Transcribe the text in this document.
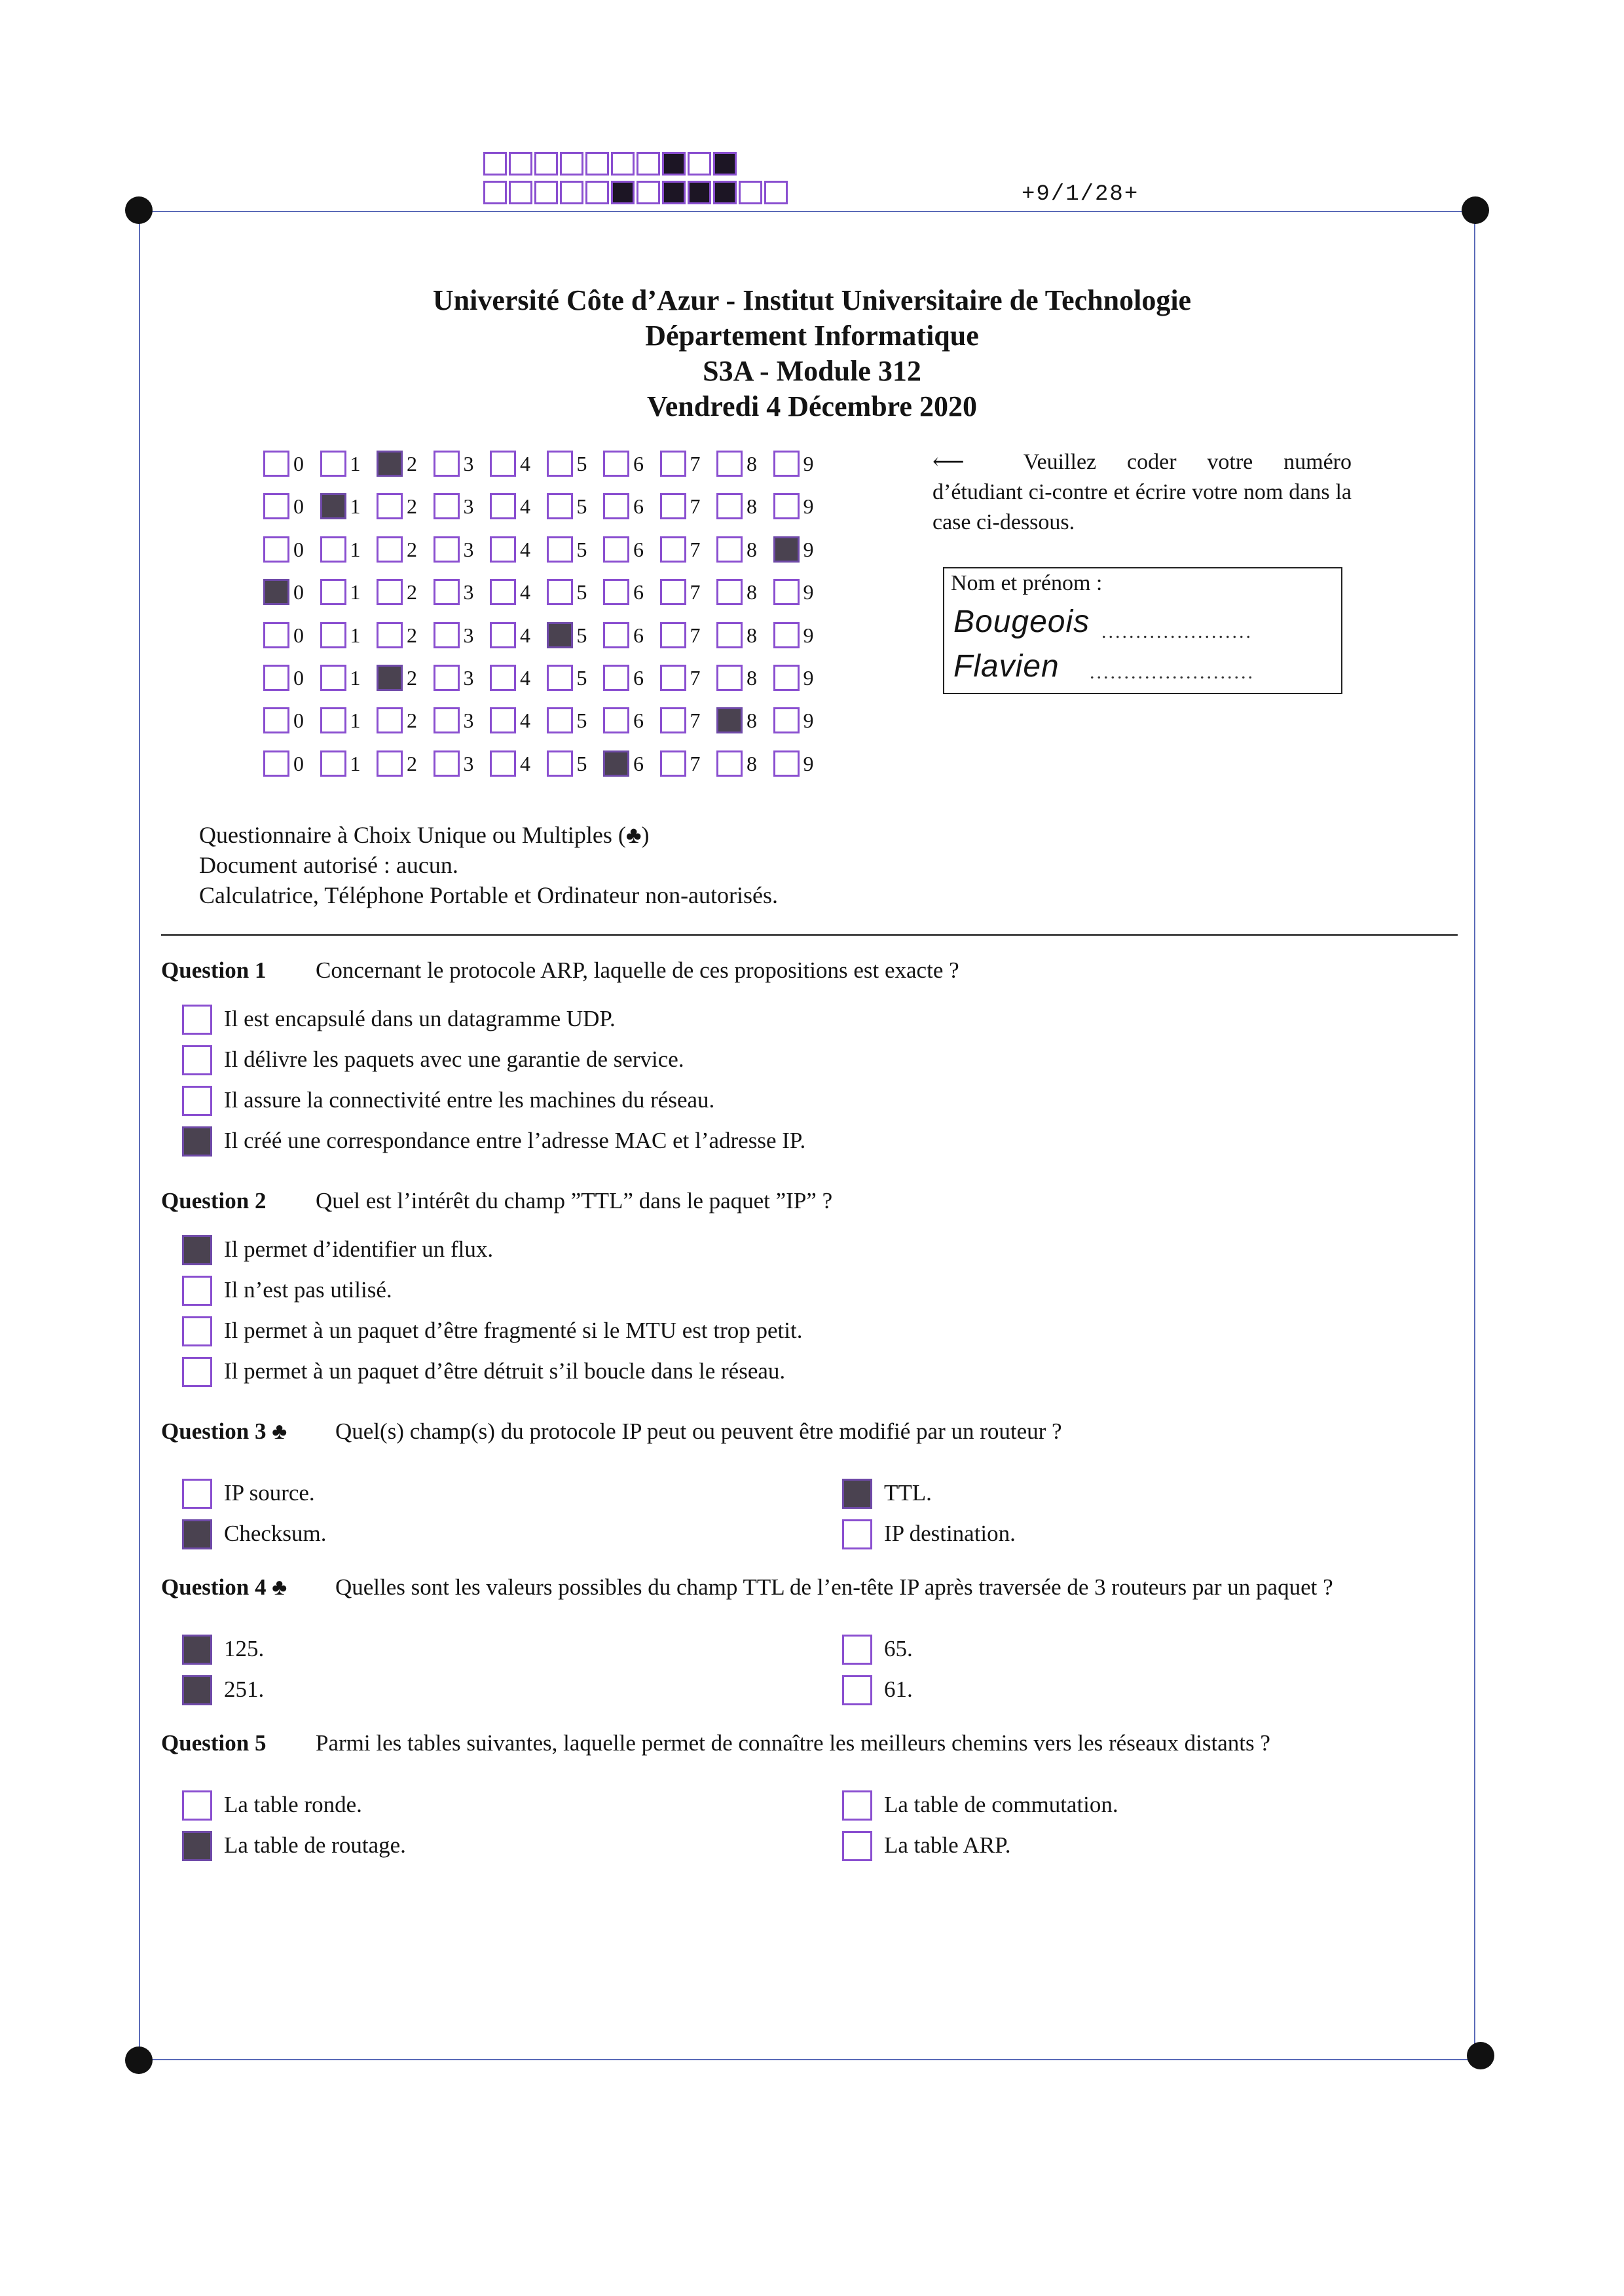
+9/1/28+
Université Côte d’Azur - Institut Universitaire de Technologie
Département Informatique
S3A - Module 312
Vendredi 4 Décembre 2020
0 1 2 3 4 5 6 7 8 9
0 1 2 3 4 5 6 7 8 9
0 1 2 3 4 5 6 7 8 9
0 1 2 3 4 5 6 7 8 9
0 1 2 3 4 5 6 7 8 9
0 1 2 3 4 5 6 7 8 9
0 1 2 3 4 5 6 7 8 9
0 1 2 3 4 5 6 7 8 9
⟵	Veuillez coder votre numéro d’étudiant ci-contre et écrire votre nom dans la case ci-dessous.
Nom et prénom :
Bougeois ......................
Flavien ........................
Questionnaire à Choix Unique ou Multiples (♣)
Document autorisé : aucun.
Calculatrice, Téléphone Portable et Ordinateur non-autorisés.
Question 1 Concernant le protocole ARP, laquelle de ces propositions est exacte ?
Il est encapsulé dans un datagramme UDP.
Il délivre les paquets avec une garantie de service.
Il assure la connectivité entre les machines du réseau.
Il créé une correspondance entre l’adresse MAC et l’adresse IP.
Question 2 Quel est l’intérêt du champ ”TTL” dans le paquet ”IP” ?
Il permet d’identifier un flux.
Il n’est pas utilisé.
Il permet à un paquet d’être fragmenté si le MTU est trop petit.
Il permet à un paquet d’être détruit s’il boucle dans le réseau.
Question 3 ♣ Quel(s) champ(s) du protocole IP peut ou peuvent être modifié par un routeur ?
IP source.	TTL.
Checksum.	IP destination.
Question 4 ♣ Quelles sont les valeurs possibles du champ TTL de l’en-tête IP après traversée de 3 routeurs par un paquet ?
125.	65.
251.	61.
Question 5 Parmi les tables suivantes, laquelle permet de connaître les meilleurs chemins vers les réseaux distants ?
La table ronde.	La table de commutation.
La table de routage.	La table ARP.
